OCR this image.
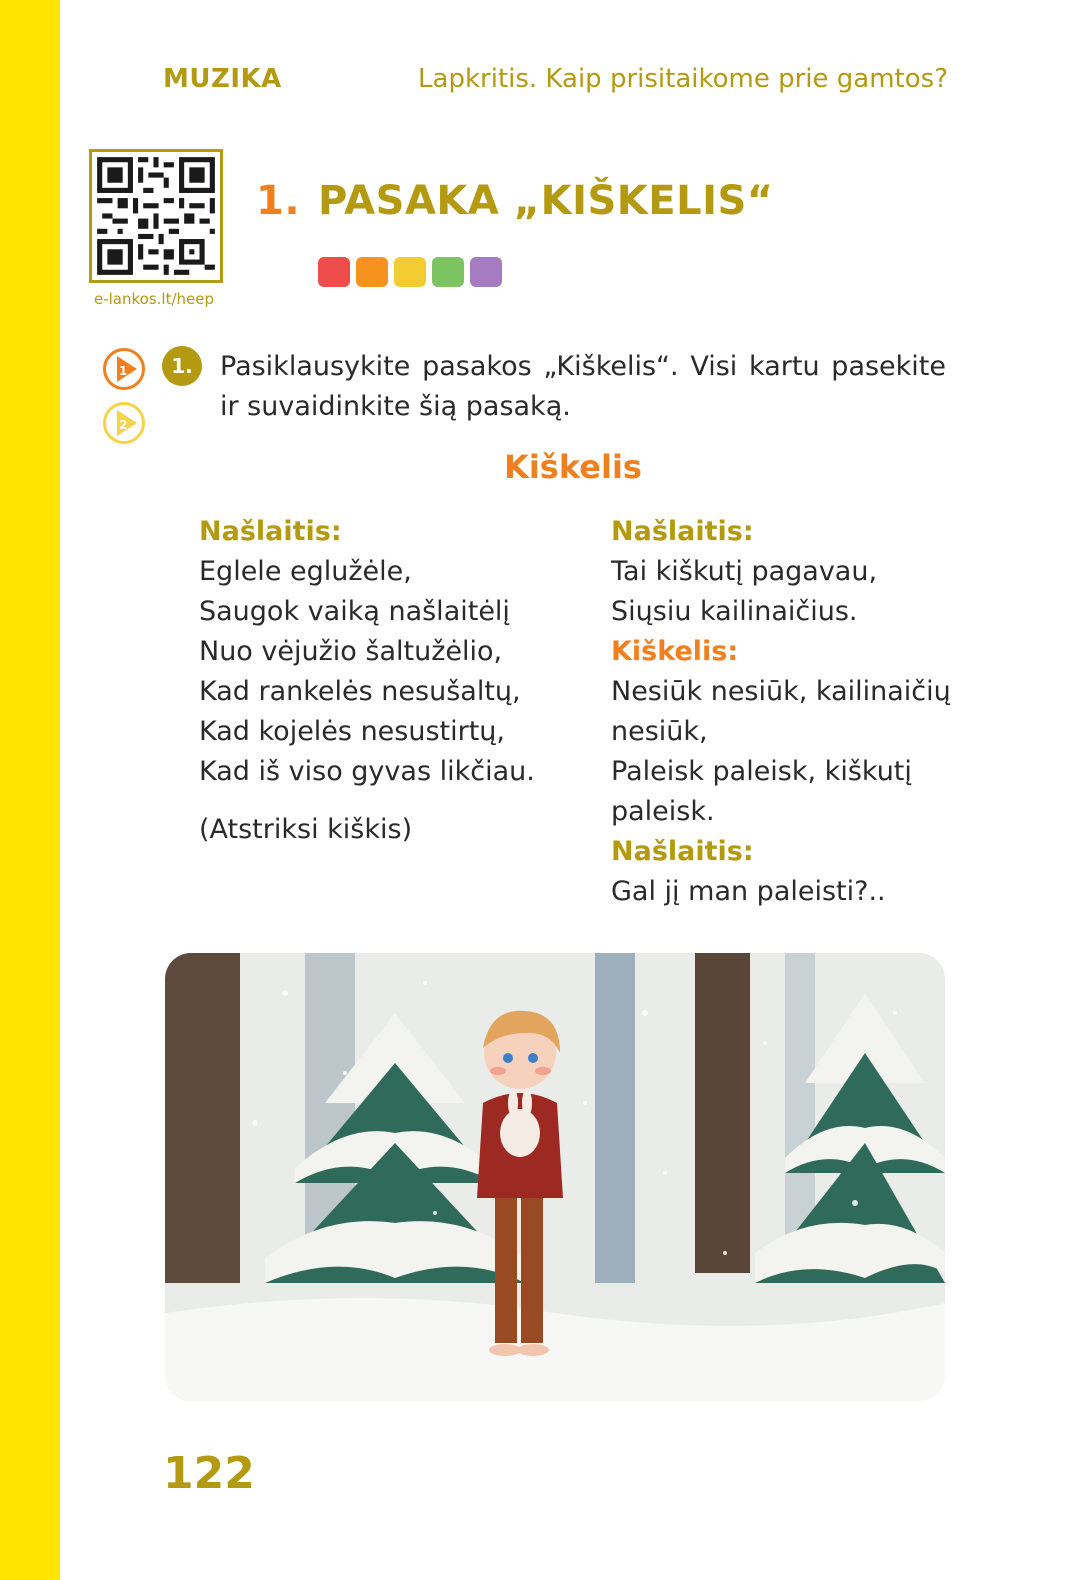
MUZIKA	Lapkritis. Kaip prisitaikome prie gamtos?
e-lankos.lt/heep
1. PASAKA „KIŠKELIS“
1
2
1.	Pasiklausykite pasakos „Kiškelis“. Visi kartu pasekite ir suvaidinkite šią pasaką.
Kiškelis
Našlaitis:
Eglele eglužėle,
Saugok vaiką našlaitėlį
Nuo vėjužio šaltužėlio,
Kad rankelės nesušaltų,
Kad kojelės nesustirtų,
Kad iš viso gyvas likčiau.
(Atstriksi kiškis)
Našlaitis:
Tai kiškutį pagavau,
Siųsiu kailinaičius.
Kiškelis:
Nesiūk nesiūk, kailinaičių
nesiūk,
Paleisk paleisk, kiškutį
paleisk.
Našlaitis:
Gal jį man paleisti?..
122
